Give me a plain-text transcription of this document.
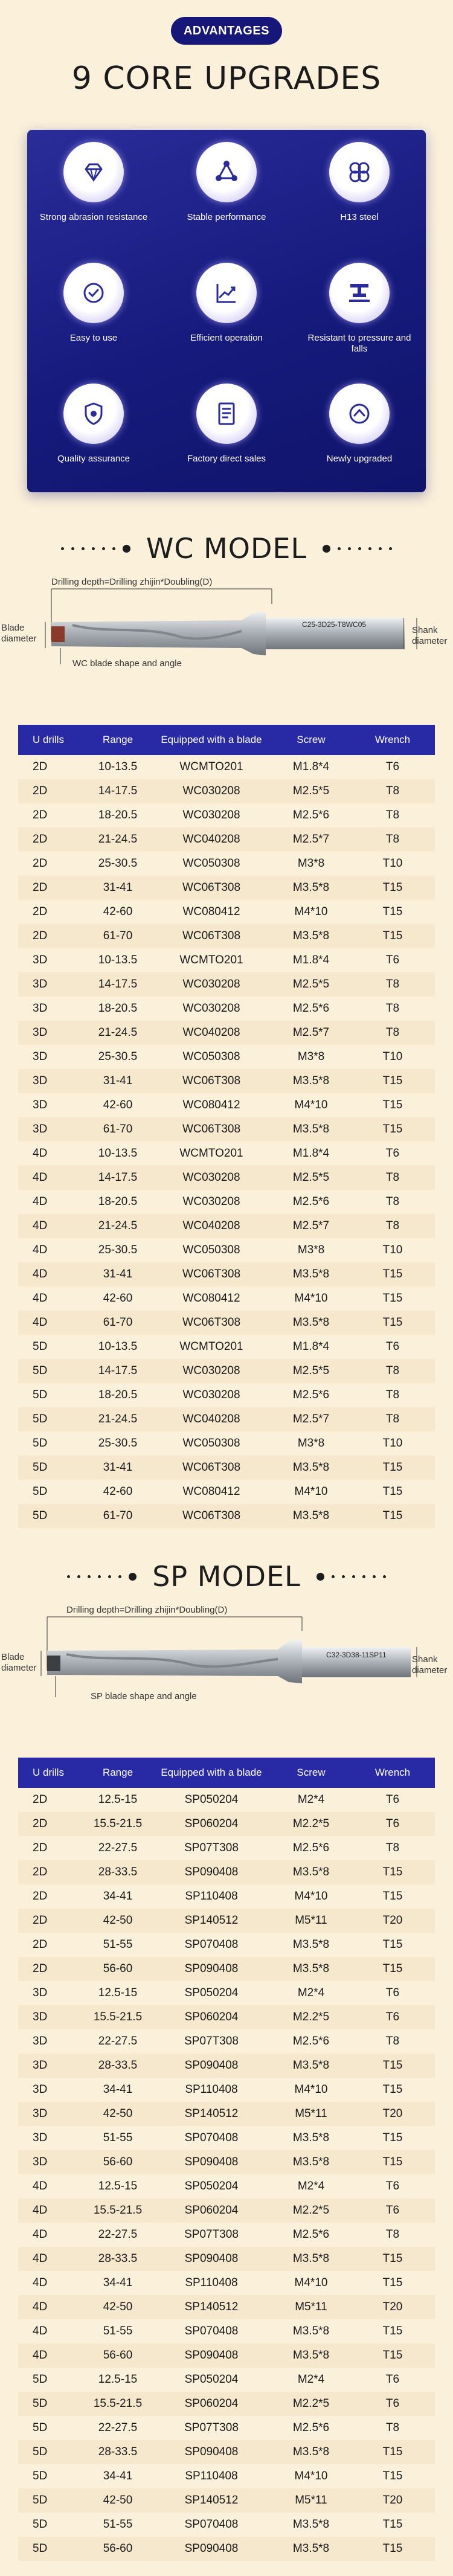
ADVANTAGES
9 CORE UPGRADES
Strong abrasion resistance	Stable performance	H13 steel
Easy to use	Efficient operation	Resistant to pressure and falls
Quality assurance	Factory direct sales	Newly upgraded
WC MODEL
Drilling depth=Drilling zhijin*Doubling(D)
C25-3D25-T8WC05
Blade diameter
Shank diameter
WC blade shape and angle
U drills	Range	Equipped with a blade	Screw	Wrench
2D	10-13.5	WCMTO201	M1.8*4	T6
2D	14-17.5	WC030208	M2.5*5	T8
2D	18-20.5	WC030208	M2.5*6	T8
2D	21-24.5	WC040208	M2.5*7	T8
2D	25-30.5	WC050308	M3*8	T10
2D	31-41	WC06T308	M3.5*8	T15
2D	42-60	WC080412	M4*10	T15
2D	61-70	WC06T308	M3.5*8	T15
3D	10-13.5	WCMTO201	M1.8*4	T6
3D	14-17.5	WC030208	M2.5*5	T8
3D	18-20.5	WC030208	M2.5*6	T8
3D	21-24.5	WC040208	M2.5*7	T8
3D	25-30.5	WC050308	M3*8	T10
3D	31-41	WC06T308	M3.5*8	T15
3D	42-60	WC080412	M4*10	T15
3D	61-70	WC06T308	M3.5*8	T15
4D	10-13.5	WCMTO201	M1.8*4	T6
4D	14-17.5	WC030208	M2.5*5	T8
4D	18-20.5	WC030208	M2.5*6	T8
4D	21-24.5	WC040208	M2.5*7	T8
4D	25-30.5	WC050308	M3*8	T10
4D	31-41	WC06T308	M3.5*8	T15
4D	42-60	WC080412	M4*10	T15
4D	61-70	WC06T308	M3.5*8	T15
5D	10-13.5	WCMTO201	M1.8*4	T6
5D	14-17.5	WC030208	M2.5*5	T8
5D	18-20.5	WC030208	M2.5*6	T8
5D	21-24.5	WC040208	M2.5*7	T8
5D	25-30.5	WC050308	M3*8	T10
5D	31-41	WC06T308	M3.5*8	T15
5D	42-60	WC080412	M4*10	T15
5D	61-70	WC06T308	M3.5*8	T15
SP MODEL
Drilling depth=Drilling zhijin*Doubling(D)
C32-3D38-11SP11
Blade diameter
Shank diameter
SP blade shape and angle
U drills	Range	Equipped with a blade	Screw	Wrench
2D	12.5-15	SP050204	M2*4	T6
2D	15.5-21.5	SP060204	M2.2*5	T6
2D	22-27.5	SP07T308	M2.5*6	T8
2D	28-33.5	SP090408	M3.5*8	T15
2D	34-41	SP110408	M4*10	T15
2D	42-50	SP140512	M5*11	T20
2D	51-55	SP070408	M3.5*8	T15
2D	56-60	SP090408	M3.5*8	T15
3D	12.5-15	SP050204	M2*4	T6
3D	15.5-21.5	SP060204	M2.2*5	T6
3D	22-27.5	SP07T308	M2.5*6	T8
3D	28-33.5	SP090408	M3.5*8	T15
3D	34-41	SP110408	M4*10	T15
3D	42-50	SP140512	M5*11	T20
3D	51-55	SP070408	M3.5*8	T15
3D	56-60	SP090408	M3.5*8	T15
4D	12.5-15	SP050204	M2*4	T6
4D	15.5-21.5	SP060204	M2.2*5	T6
4D	22-27.5	SP07T308	M2.5*6	T8
4D	28-33.5	SP090408	M3.5*8	T15
4D	34-41	SP110408	M4*10	T15
4D	42-50	SP140512	M5*11	T20
4D	51-55	SP070408	M3.5*8	T15
4D	56-60	SP090408	M3.5*8	T15
5D	12.5-15	SP050204	M2*4	T6
5D	15.5-21.5	SP060204	M2.2*5	T6
5D	22-27.5	SP07T308	M2.5*6	T8
5D	28-33.5	SP090408	M3.5*8	T15
5D	34-41	SP110408	M4*10	T15
5D	42-50	SP140512	M5*11	T20
5D	51-55	SP070408	M3.5*8	T15
5D	56-60	SP090408	M3.5*8	T15
